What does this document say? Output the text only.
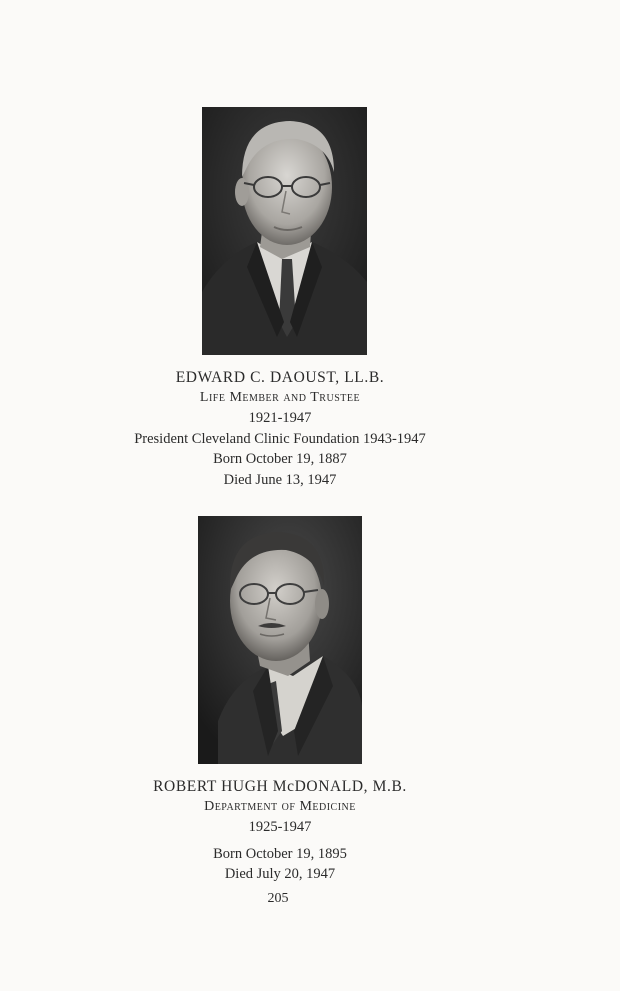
EDWARD C. DAOUST, LL.B.
Life Member and Trustee
1921-1947
President Cleveland Clinic Foundation 1943-1947
Born October 19, 1887
Died June 13, 1947
ROBERT HUGH McDONALD, M.B.
Department of Medicine
1925-1947
Born October 19, 1895
Died July 20, 1947
205
